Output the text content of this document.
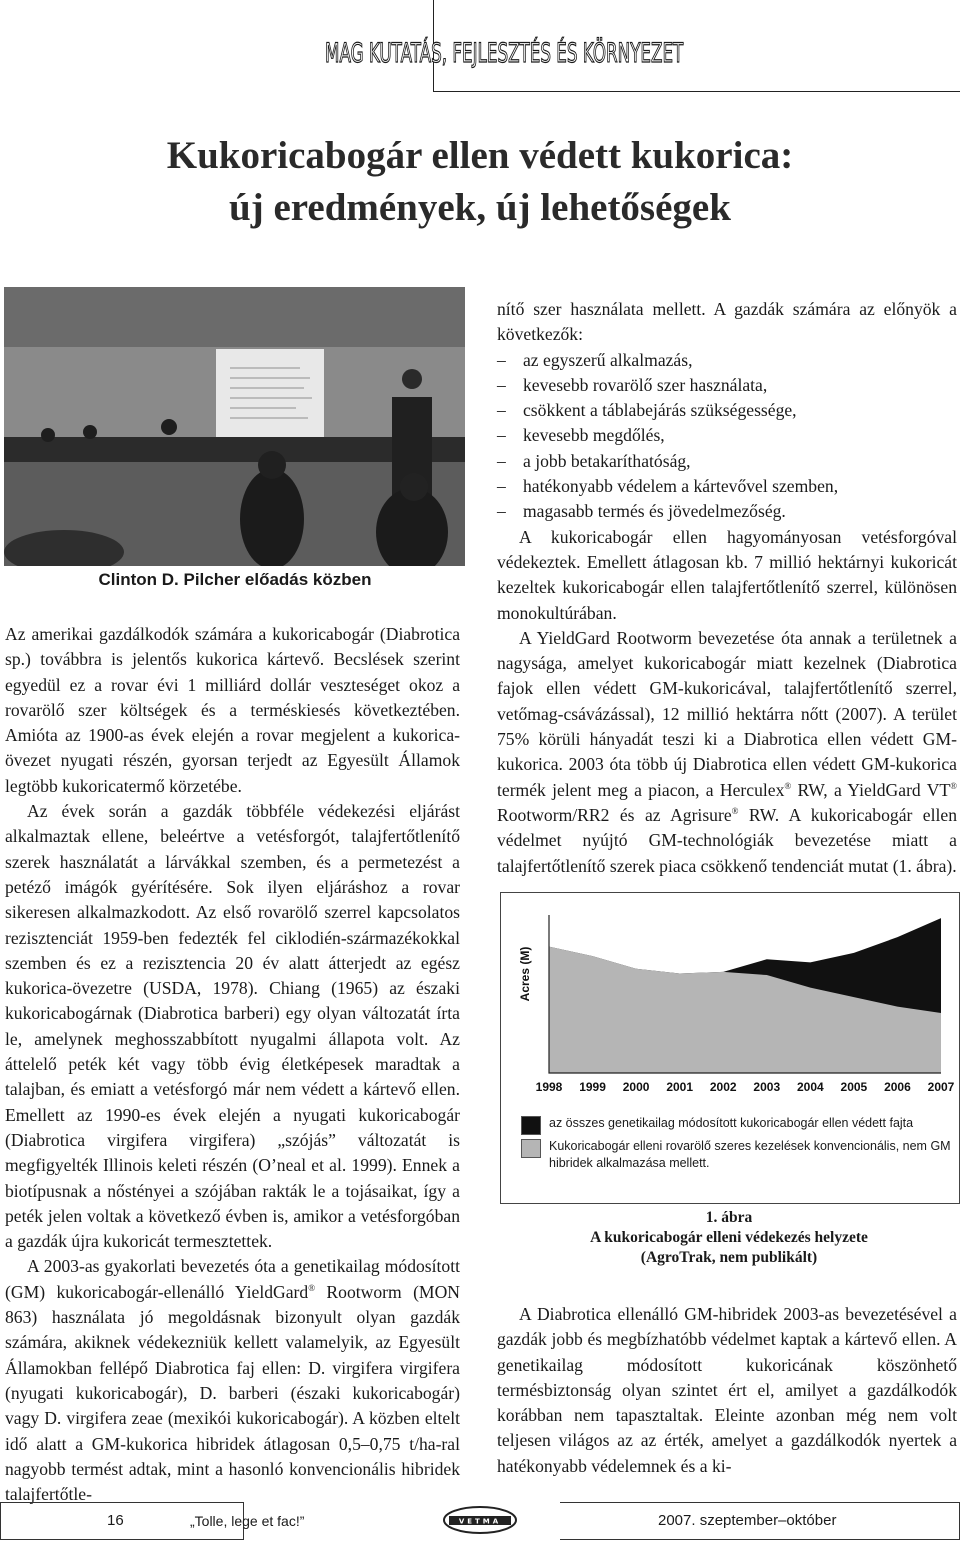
MAG KUTATÁS, FEJLESZTÉS ÉS KÖRNYEZET
Kukoricabogár ellen védett kukorica:
új eredmények, új lehetőségek
Clinton D. Pilcher előadás közben

Az amerikai gazdálkodók számára a kukoricabogár (Diabrotica sp.) továbbra is jelentős kukorica kártevő. Becslések szerint egyedül ez a rovar évi 1 milliárd dollár veszteséget okoz a rovarölő szer költségek és a terméskiesés következtében. Amióta az 1900-as évek elején a rovar megjelent a kukorica-övezet nyugati részén, gyorsan terjedt az Egyesült Államok legtöbb kukoricatermő körzetébe.

Az évek során a gazdák többféle védekezési eljárást alkalmaztak ellene, beleértve a vetésforgót, talajfertőtlenítő szerek használatát a lárvákkal szemben, és a permetezést a petéző imágók gyérítésére. Sok ilyen eljáráshoz a rovar sikeresen alkalmazkodott. Az első rovarölő szerrel kapcsolatos rezisztenciát 1959-ben fedezték fel ciklodién-származékokkal szemben és ez a rezisztencia 20 év alatt átterjedt az egész kukorica-övezetre (USDA, 1978). Chiang (1965) az északi kukoricabogárnak (Diabrotica barberi) egy olyan változatát írta le, amelynek meghosszabbított nyugalmi állapota volt. Az áttelelő peték két vagy több évig életképesek maradtak a talajban, és emiatt a vetésforgó már nem védett a kártevő ellen. Emellett az 1990-es évek elején a nyugati kukoricabogár (Diabrotica virgifera virgifera) „szójás” változatát is megfigyelték Illinois keleti részén (O’neal et al. 1999). Ennek a biotípusnak a nőstényei a szójában rakták le a tojásaikat, így a peték jelen voltak a következő évben is, amikor a vetésforgóban a gazdák újra kukoricát termesztettek.

A 2003-as gyakorlati bevezetés óta a genetikailag módosított (GM) kukoricabogár-ellenálló YieldGard® Rootworm (MON 863) használata jó megoldásnak bizonyult olyan gazdák számára, akiknek védekezniük kellett valamelyik, az Egyesült Államokban fellépő Diabrotica faj ellen: D. virgifera virgifera (nyugati kukoricabogár), D. barberi (északi kukoricabogár) vagy D. virgifera zeae (mexikói kukoricabogár). A közben eltelt idő alatt a GM-kukorica hibridek átlagosan 0,5–0,75 t/ha-ral nagyobb termést adtak, mint a hasonló konvencionális hibridek talajfertőtle-

nítő szer használata mellett. A gazdák számára az előnyök a következők:

– az egyszerű alkalmazás,
– kevesebb rovarölő szer használata,
– csökkent a táblabejárás szükségessége,
– kevesebb megdőlés,
– a jobb betakaríthatóság,
– hatékonyabb védelem a kártevővel szemben,
– magasabb termés és jövedelmezőség.

A kukoricabogár ellen hagyományosan vetésforgóval védekeztek. Emellett átlagosan kb. 7 millió hektárnyi kukoricát kezeltek kukoricabogár ellen talajfertőtlenítő szerrel, különösen monokultúrában.

A YieldGard Rootworm bevezetése óta annak a területnek a nagysága, amelyet kukoricabogár miatt kezelnek (Diabrotica fajok ellen védett GM-kukoricával, talajfertőtlenítő szerrel, vetőmag-csávázással), 12 millió hektárra nőtt (2007). A terület 75% körüli hányadát teszi ki a Diabrotica ellen védett GM-kukorica. 2003 óta több új Diabrotica ellen védett GM-kukorica termék jelent meg a piacon, a Herculex® RW, a YieldGard VT® Rootworm/RR2 és az Agrisure® RW. A kukoricabogár ellen védelmet nyújtó GM-technológiák bevezetése miatt a talajfertőtlenítő szerek piaca csökkenő tendenciát mutat (1. ábra).

1998 1999 2000 2001 2002 2003 2004 2005 2006 2007
Acres (M)
az összes genetikailag módosított kukoricabogár ellen védett fajta
Kukoricabogár elleni rovarölő szeres kezelések konvencionális, nem GM hibridek alkalmazása mellett.
1. ábra
A kukoricabogár elleni védekezés helyzete
(AgroTrak, nem publikált)

A Diabrotica ellenálló GM-hibridek 2003-as bevezetésével a gazdák jobb és megbízhatóbb védelmet kaptak a kártevő ellen. A genetikailag módosított kukoricának köszönhető termésbiztonság olyan szintet ért el, amilyet a gazdálkodók korábban nem tapasztaltak. Eleinte azonban még nem volt teljesen világos az az érték, amelyet a gazdálkodók nyertek a hatékonyabb védelemnek és a ki-

16	„Tolle, lege et fac!”	VETMA	2007. szeptember–október
